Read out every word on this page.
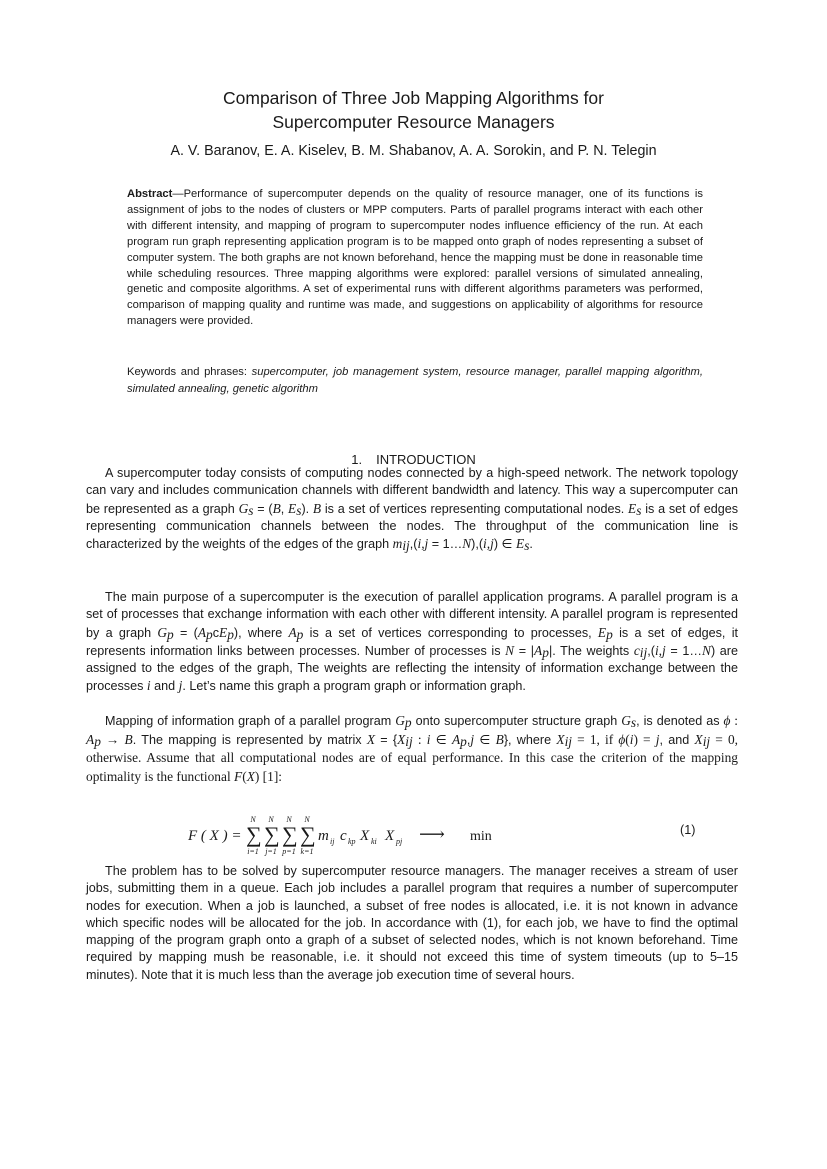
Comparison of Three Job Mapping Algorithms for
Supercomputer Resource Managers
A. V. Baranov, E. A. Kiselev, B. M. Shabanov, A. A. Sorokin, and P. N. Telegin

Abstract—Performance of supercomputer depends on the quality of resource manager, one of its functions is assignment of jobs to the nodes of clusters or MPP computers. Parts of parallel programs interact with each other with different intensity, and mapping of program to supercomputer nodes influence efficiency of the run. At each program run graph representing application program is to be mapped onto graph of nodes representing a subset of computer system. The both graphs are not known beforehand, hence the mapping must be done in reasonable time while scheduling resources. Three mapping algorithms were explored: parallel versions of simulated annealing, genetic and composite algorithms. A set of experimental runs with different algorithms parameters was performed, comparison of mapping quality and runtime was made, and suggestions on applicability of algorithms for resource managers were provided.

Keywords and phrases: supercomputer, job management system, resource manager, parallel mapping algorithm, simulated annealing, genetic algorithm

1. INTRODUCTION

A supercomputer today consists of computing nodes connected by a high-speed network. The network topology can vary and includes communication channels with different bandwidth and latency. This way a supercomputer can be represented as a graph $G_s = (B$, $E_s$). B is a set of vertices representing computational nodes. $E_s$ is a set of edges representing communication channels between the nodes. The throughput of the communication line is characterized by the weights of the edges of the graph $m_{ij},(i,j$ = 1…N),(i,j) ∈ $E_s$.

The main purpose of a supercomputer is the execution of parallel application programs. A parallel program is a set of processes that exchange information with each other with different intensity. A parallel program is represented by a graph $G_p = (A_pcE_p)$, where $A_p$ is a set of vertices corresponding to processes, $E_p$ is a set of edges, it represents information links between processes. Number of processes is $N = |A_p|$. The weights $c_{ij},(i,j$ = 1…N) are assigned to the edges of the graph, The weights are reflecting the intensity of information exchange between the processes i and j. Let’s name this graph a program graph or information graph.

Mapping of information graph of a parallel program $G_p$ onto supercomputer structure graph $G_s$, is denoted as ϕ : $A_p \to B$. The mapping is represented by matrix $X = \{X_{ij}$ : i ∈ $A_p,j$ ∈ B}, where $X_{ij} = 1$, if ϕ(i) = j, and $X_{ij} = 0$, otherwise. Assume that all computational nodes are of equal performance. In this case the criterion of the mapping optimality is the functional F(X) [1]:

F ( X ) = ∑ ∑ ∑ ∑
N N N N
i=1 j=1 p=1 k=1
m c X X
ij kp ki pj ⟶ min	(1)

The problem has to be solved by supercomputer resource managers. The manager receives a stream of user jobs, submitting them in a queue. Each job includes a parallel program that requires a number of supercomputer nodes for execution. When a job is launched, a subset of free nodes is allocated, i.e. it is not known in advance which specific nodes will be allocated for the job. In accordance with (1), for each job, we have to find the optimal mapping of the program graph onto a graph of a subset of selected nodes, which is not known beforehand. Time required by mapping mush be reasonable, i.e. it should not exceed this time of system timeouts (up to 5–15 minutes). Note that it is much less than the average job execution time of several hours.
